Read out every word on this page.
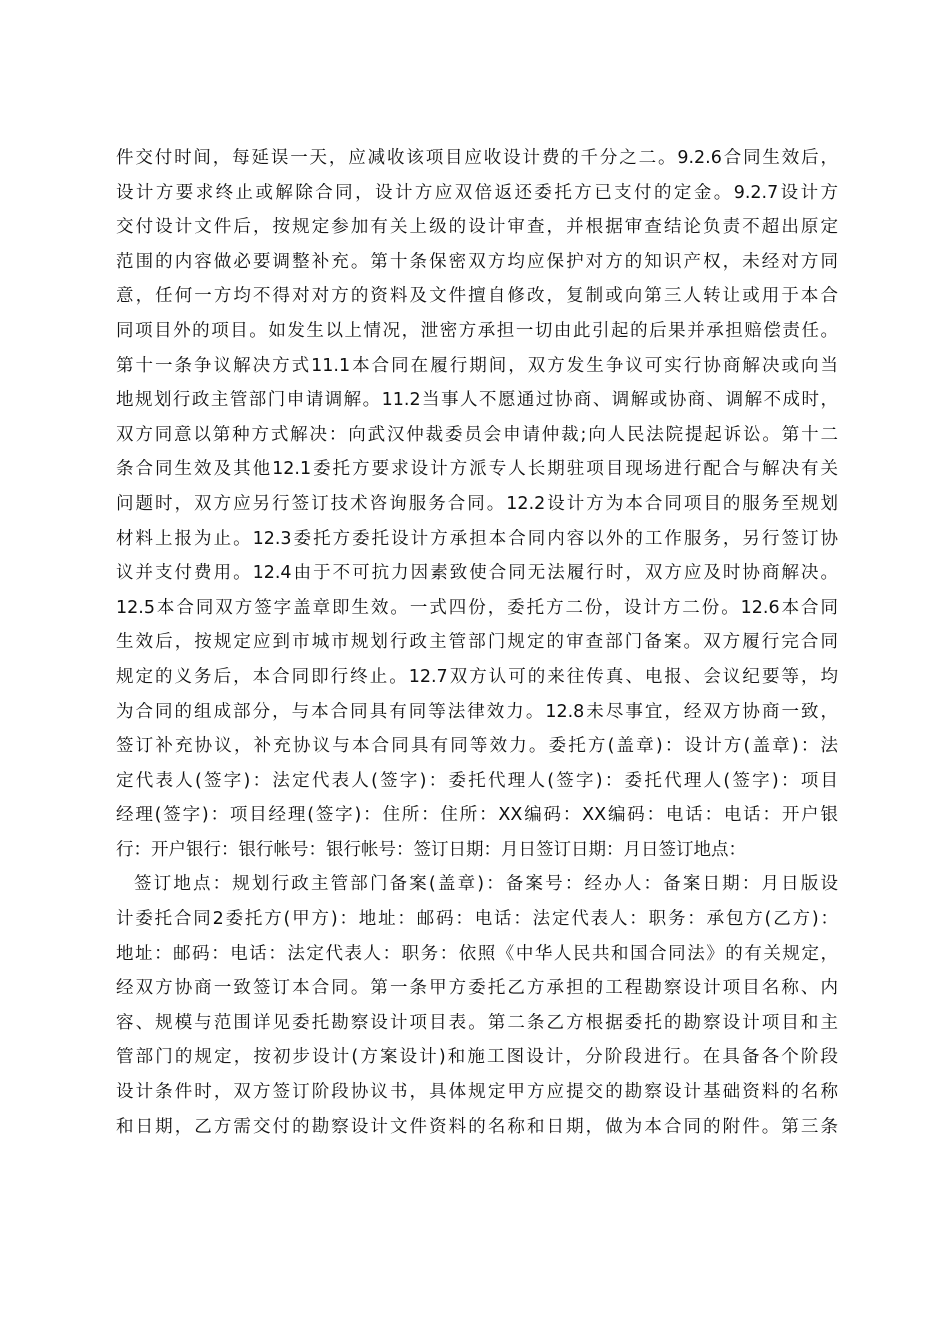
件交付时间，每延误一天，应减收该项目应收设计费的千分之二。9.2.6合同生效后，
设计方要求终止或解除合同，设计方应双倍返还委托方已支付的定金。9.2.7设计方
交付设计文件后，按规定参加有关上级的设计审查，并根据审查结论负责不超出原定
范围的内容做必要调整补充。第十条保密双方均应保护对方的知识产权，未经对方同
意，任何一方均不得对对方的资料及文件擅自修改，复制或向第三人转让或用于本合
同项目外的项目。如发生以上情况，泄密方承担一切由此引起的后果并承担赔偿责任。
第十一条争议解决方式11.1本合同在履行期间，双方发生争议可实行协商解决或向当
地规划行政主管部门申请调解。11.2当事人不愿通过协商、调解或协商、调解不成时，
双方同意以第种方式解决：向武汉仲裁委员会申请仲裁;向人民法院提起诉讼。第十二
条合同生效及其他12.1委托方要求设计方派专人长期驻项目现场进行配合与解决有关
问题时，双方应另行签订技术咨询服务合同。12.2设计方为本合同项目的服务至规划
材料上报为止。12.3委托方委托设计方承担本合同内容以外的工作服务，另行签订协
议并支付费用。12.4由于不可抗力因素致使合同无法履行时，双方应及时协商解决。
12.5本合同双方签字盖章即生效。一式四份，委托方二份，设计方二份。12.6本合同
生效后，按规定应到市城市规划行政主管部门规定的审查部门备案。双方履行完合同
规定的义务后，本合同即行终止。12.7双方认可的来往传真、电报、会议纪要等，均
为合同的组成部分，与本合同具有同等法律效力。12.8未尽事宜，经双方协商一致，
签订补充协议，补充协议与本合同具有同等效力。委托方(盖章)：设计方(盖章)：法
定代表人(签字)：法定代表人(签字)：委托代理人(签字)：委托代理人(签字)：项目
经理(签字)：项目经理(签字)：住所：住所：XX编码：XX编码：电话：电话：开户银
行：开户银行：银行帐号：银行帐号：签订日期：月日签订日期：月日签订地点：
签订地点：规划行政主管部门备案(盖章)：备案号：经办人：备案日期：月日版设
计委托合同2委托方(甲方)：地址：邮码：电话：法定代表人：职务：承包方(乙方)：
地址：邮码：电话：法定代表人：职务：依照《中华人民共和国合同法》的有关规定，
经双方协商一致签订本合同。第一条甲方委托乙方承担的工程勘察设计项目名称、内
容、规模与范围详见委托勘察设计项目表。第二条乙方根据委托的勘察设计项目和主
管部门的规定，按初步设计(方案设计)和施工图设计，分阶段进行。在具备各个阶段
设计条件时，双方签订阶段协议书，具体规定甲方应提交的勘察设计基础资料的名称
和日期，乙方需交付的勘察设计文件资料的名称和日期，做为本合同的附件。第三条
